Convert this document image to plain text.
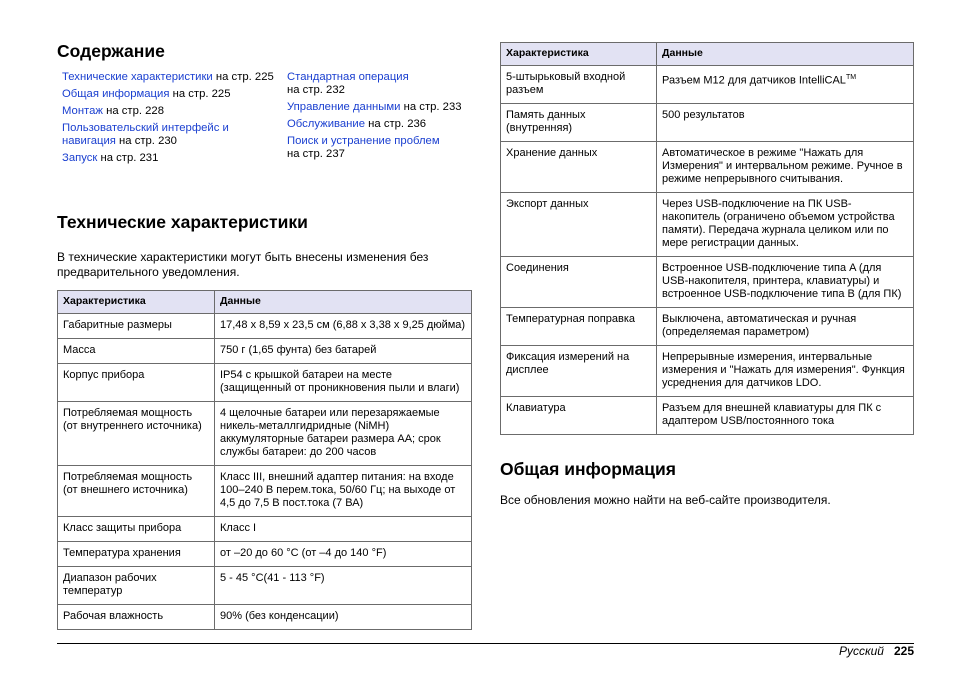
Содержание
Технические характеристики на стр. 225
Общая информация на стр. 225
Монтаж на стр. 228
Пользовательский интерфейс и навигация на стр. 230
Запуск на стр. 231
Стандартная операция
на стр. 232
Управление данными на стр. 233
Обслуживание на стр. 236
Поиск и устранение проблем
на стр. 237
Технические характеристики

В технические характеристики могут быть внесены изменения без предварительного уведомления.

Характеристика	Данные
Габаритные размеры	17,48 x 8,59 x 23,5 см (6,88 x 3,38 x 9,25 дюйма)
Масса	750 г (1,65 фунта) без батарей
Корпус прибора	IP54 с крышкой батареи на месте (защищенный от проникновения пыли и влаги)
Потребляемая мощность (от внутреннего источника)	4 щелочные батареи или перезаряжаемые никель-металлгидридные (NiMH) аккумуляторные батареи размера AA; срок службы батареи: до 200 часов
Потребляемая мощность (от внешнего источника)	Класс III, внешний адаптер питания: на входе 100–240 В перем.тока, 50/60 Гц; на выходе от 4,5 до 7,5 В пост.тока (7 ВА)
Класс защиты прибора	Класс I
Температура хранения	от –20 до 60 °C (от –4 до 140 °F)
Диапазон рабочих температур	5 - 45 °C(41 - 113 °F)
Рабочая влажность	90% (без конденсации)
Характеристика	Данные
5-штырьковый входной разъем	Разъем M12 для датчиков IntelliCAL™
Память данных (внутренняя)	500 результатов
Хранение данных	Автоматическое в режиме "Нажать для Измерения" и интервальном режиме. Ручное в режиме непрерывного считывания.
Экспорт данных	Через USB-подключение на ПК USB-накопитель (ограничено объемом устройства памяти). Передача журнала целиком или по мере регистрации данных.
Соединения	Встроенное USB-подключение типа A (для USB-накопителя, принтера, клавиатуры) и встроенное USB-подключение типа B (для ПК)
Температурная поправка	Выключена, автоматическая и ручная (определяемая параметром)
Фиксация измерений на дисплее	Непрерывные измерения, интервальные измерения и "Нажать для измерения". Функция усреднения для датчиков LDO.
Клавиатура	Разъем для внешней клавиатуры для ПК с адаптером USB/постоянного тока
Общая информация

Все обновления можно найти на веб-сайте производителя.

Русский 225
